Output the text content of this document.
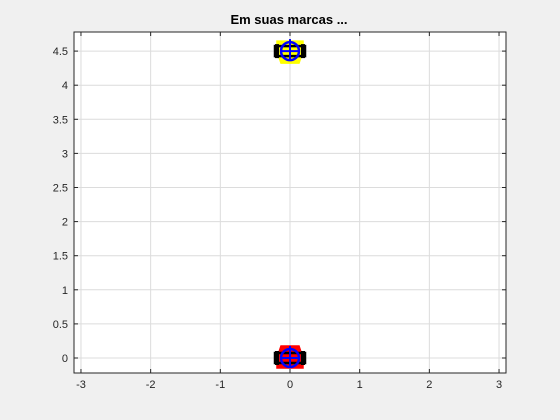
Em suas marcas ...
-3	-2	-1	0	1	2	3
0
0.5
1
1.5
2
2.5
3
3.5
4
4.5
